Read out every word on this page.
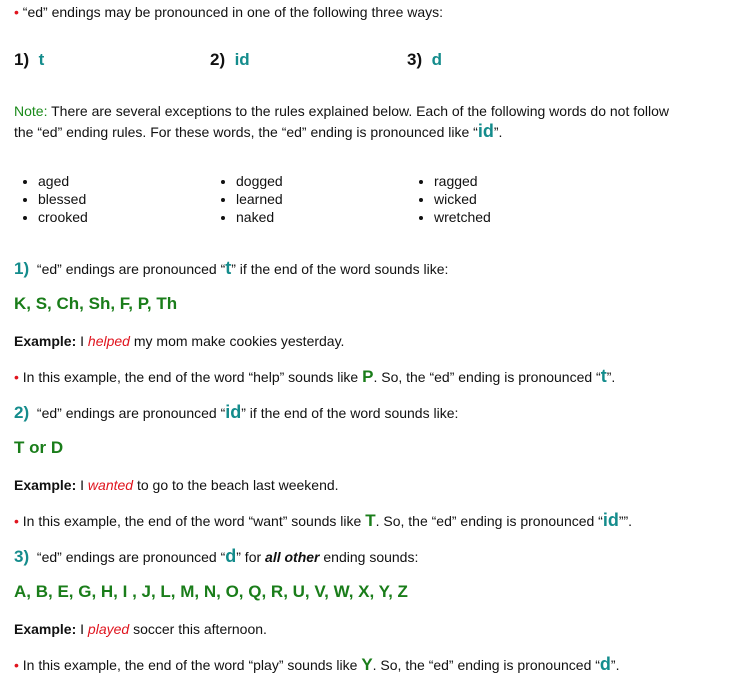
• “ed” endings may be pronounced in one of the following three ways:
1) t	2) id	3) d
Note: There are several exceptions to the rules explained below. Each of the following words do not follow
the “ed” ending rules. For these words, the “ed” ending is pronounced like “id”.
• aged
• blessed
• crooked
• dogged
• learned
• naked
• ragged
• wicked
• wretched
1) “ed” endings are pronounced “t” if the end of the word sounds like:
K, S, Ch, Sh, F, P, Th
Example: I helped my mom make cookies yesterday.
• In this example, the end of the word “help” sounds like P. So, the “ed” ending is pronounced “t”.
2) “ed” endings are pronounced “id” if the end of the word sounds like:
T or D
Example: I wanted to go to the beach last weekend.
• In this example, the end of the word “want” sounds like T. So, the “ed” ending is pronounced “id””.
3) “ed” endings are pronounced “d” for all other ending sounds:
A, B, E, G, H, I , J, L, M, N, O, Q, R, U, V, W, X, Y, Z
Example: I played soccer this afternoon.
• In this example, the end of the word “play” sounds like Y. So, the “ed” ending is pronounced “d”.
